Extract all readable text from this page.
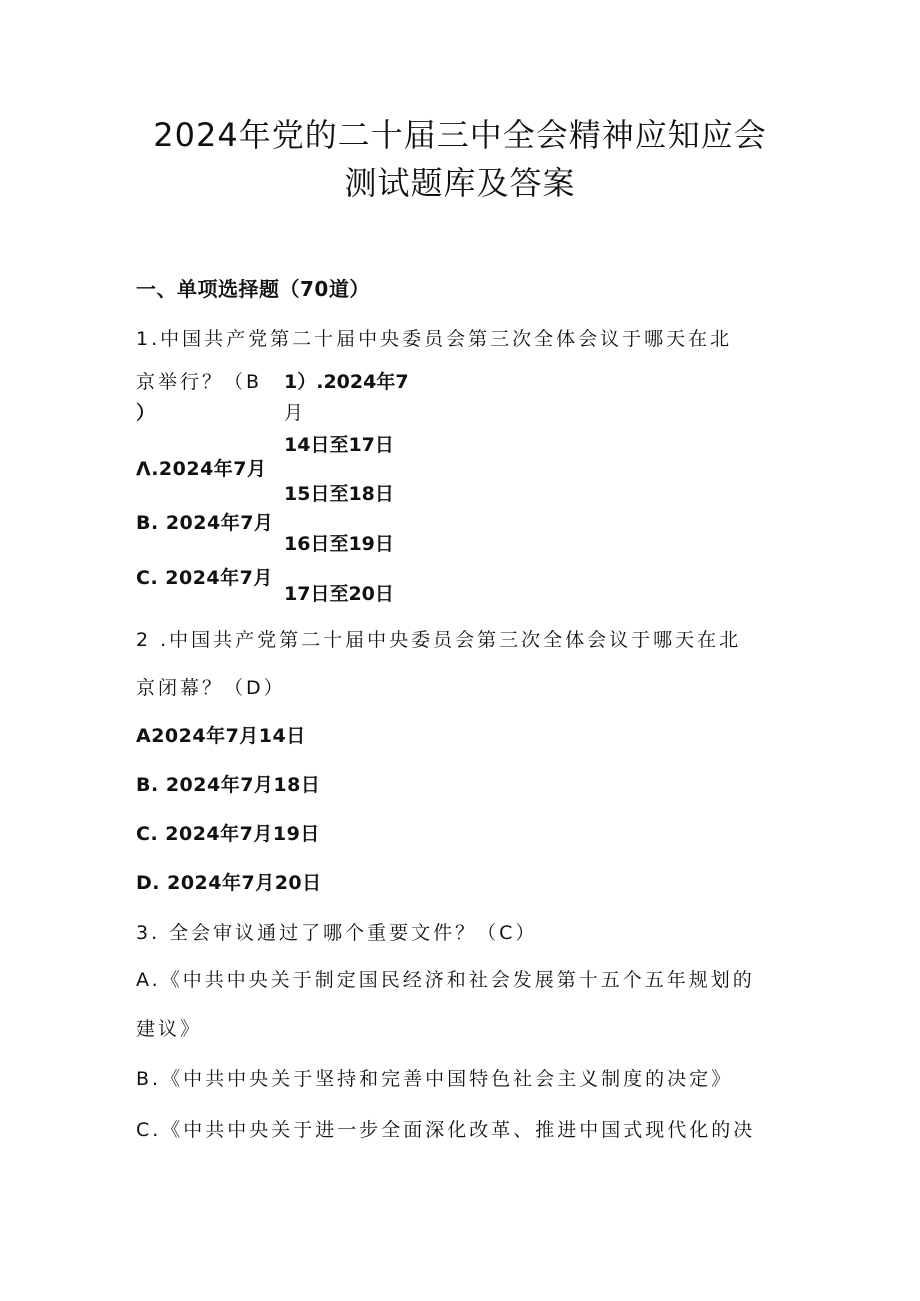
2024年党的二十届三中全会精神应知应会
测试题库及答案
一、单项选择题（70道）
1.中国共产党第二十届中央委员会第三次全体会议于哪天在北
京举行？（B
）
1）.2024年7
月
14日至17日
15日至18日
16日至19日
17日至20日
Λ.2024年7月
B. 2024年7月
C. 2024年7月
2 .中国共产党第二十届中央委员会第三次全体会议于哪天在北
京闭幕？（D）
A2024年7月14日
B. 2024年7月18日
C. 2024年7月19日
D. 2024年7月20日
3. 全会审议通过了哪个重要文件？（C）
A.《中共中央关于制定国民经济和社会发展第十五个五年规划的
建议》
B.《中共中央关于坚持和完善中国特色社会主义制度的决定》
C.《中共中央关于进一步全面深化改革、推进中国式现代化的决
